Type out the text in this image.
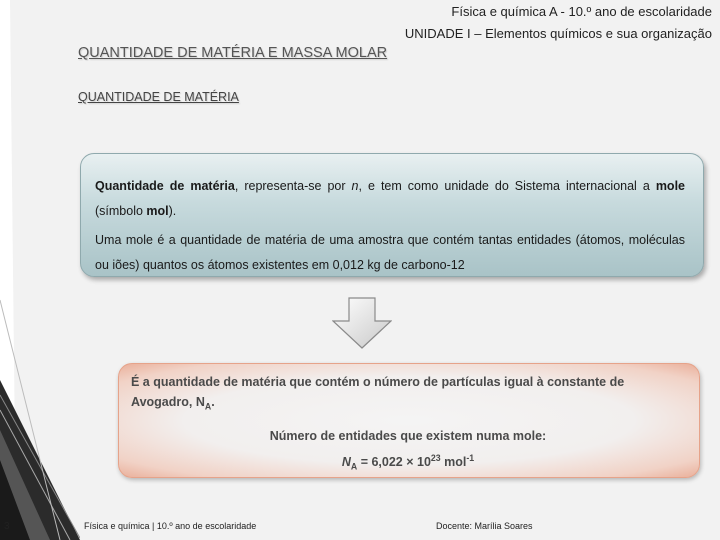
Física e química A - 10.º ano de escolaridade
UNIDADE I – Elementos químicos e sua organização
QUANTIDADE DE MATÉRIA E MASSA MOLAR
QUANTIDADE DE MATÉRIA

Quantidade de matéria, representa-se por n, e tem como unidade do Sistema internacional a mole (símbolo mol).

Uma mole é a quantidade de matéria de uma amostra que contém tantas entidades (átomos, moléculas ou iões) quantos os átomos existentes em 0,012 kg de carbono-12

É a quantidade de matéria que contém o número de partículas igual à constante de
Avogadro, $N_A$.
Número de entidades que existem numa mole:
$N_A = 6,022 \times 10^{23}$ mol$^{-1}$
3	Física e química | 10.º ano de escolaridade	Docente: Marília Soares
